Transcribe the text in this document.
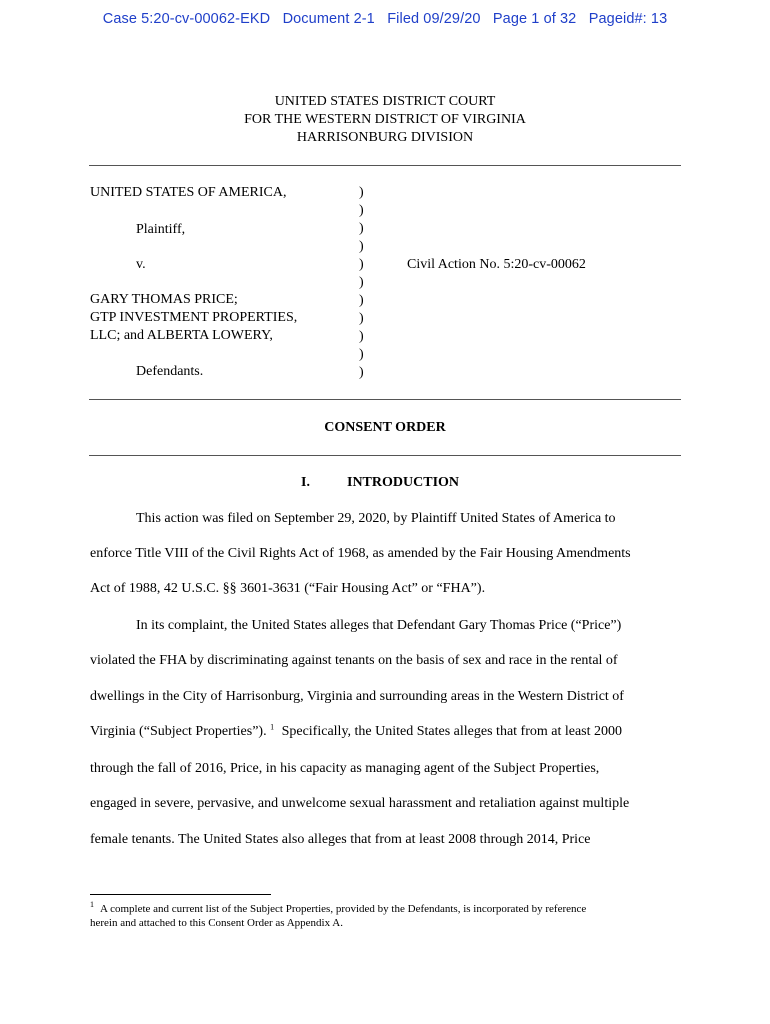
Case 5:20-cv-00062-EKD   Document 2-1   Filed 09/29/20   Page 1 of 32   Pageid#: 13
UNITED STATES DISTRICT COURT
FOR THE WESTERN DISTRICT OF VIRGINIA
HARRISONBURG DIVISION
UNITED STATES OF AMERICA,
Plaintiff,
v.
GARY THOMAS PRICE;
GTP INVESTMENT PROPERTIES,
LLC; and ALBERTA LOWERY,
Defendants.
)
)
)
)
)
)
)
)
)
)
)
Civil Action No. 5:20-cv-00062
CONSENT ORDER
I.	INTRODUCTION
This action was filed on September 29, 2020, by Plaintiff United States of America to
enforce Title VIII of the Civil Rights Act of 1968, as amended by the Fair Housing Amendments
Act of 1988, 42 U.S.C. §§ 3601-3631 (“Fair Housing Act” or “FHA”).
In its complaint, the United States alleges that Defendant Gary Thomas Price (“Price”)
violated the FHA by discriminating against tenants on the basis of sex and race in the rental of
dwellings in the City of Harrisonburg, Virginia and surrounding areas in the Western District of
Virginia (“Subject Properties”). $^1$ Specifically, the United States alleges that from at least 2000
through the fall of 2016, Price, in his capacity as managing agent of the Subject Properties,
engaged in severe, pervasive, and unwelcome sexual harassment and retaliation against multiple
female tenants. The United States also alleges that from at least 2008 through 2014, Price
1 A complete and current list of the Subject Properties, provided by the Defendants, is incorporated by reference
herein and attached to this Consent Order as Appendix A.
